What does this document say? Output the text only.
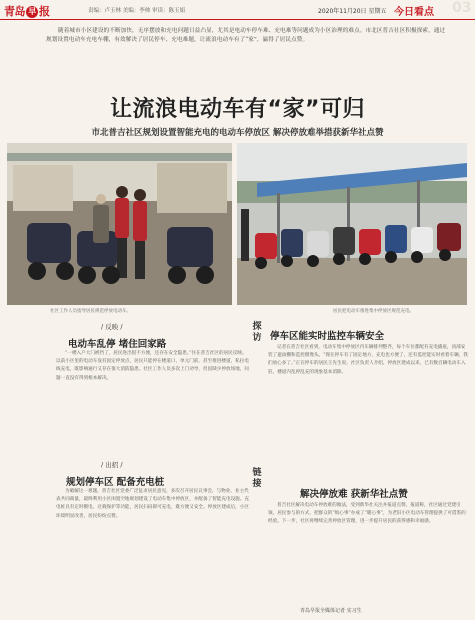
青岛 早 报	责编：卢玉林 美编：李帅 审读：陈玉娟	2020年11月20日 星期五 今日看点 03
随着城市小区建设的不断加快，无序摆放和充电问题日益凸显，尤其是电动车停车难、充电难等问题成为小区治理的难点。市北区普吉社区积极探索，通过规划设置电动车充电车棚，有效解决了居民停车、充电难题，让流浪电动车有了“家”，赢得了居民点赞。
让流浪电动车有“家”可归
市北普吉社区规划设置智能充电的电动车停放区 解决停放难举措获新华社点赞
社区工作人员指导居民规范停放电动车。	居民把电动车推进集中停放区规范充电。
/ 反映 /
电动车乱停 堵住回家路
“一楼入户大门被挡了，居民进出很不方便，还存在安全隐患。”住在普吉社区的居民反映。以前小区里的电动车没有固定停放点，居民只能停在楼道口、单元门前，甚至推进楼道，私拉电线充电，既影响通行又存在很大消防隐患。社区工作人员多次上门劝导，但因缺少停放场地，问题一直没有得到根本解决。
/ 出招 /
规划停车区 配备充电桩
为破解这一难题，普吉社区党委广泛征求居民意见，多次召开居民议事会，与物业、业主代表共同商量，最终利用小区闲置空地规划建设了电动车集中停放区，并配备了智能充电设施。充电桩具有定时断电、过载保护等功能，居民扫码即可充电，既方便又安全。停放区建成后，小区环境明显改善，居民纷纷点赞。
探访 停车区能实时监控车辆安全
记者在普吉社区看到，电动车集中停放区内车辆排列整齐，每个车位都配有充电插座，顶部安装了遮雨棚和监控摄像头。“现在停车有了固定地方，充电也方便了，还有监控能实时看着车辆，我们放心多了。”正在停车的居民王先生说。社区负责人介绍，停放区建成以来，已有数百辆电动车入驻，楼道内乱停乱充的现象基本消除。
链接
解决停放难 获新华社点赞
普吉社区解决电动车停放难的做法，受到新华社关注并报道点赞。报道称，社区通过党建引领、居民参与的方式，把群众的“烦心事”办成了“暖心事”，为老旧小区电动车管理提供了可借鉴的经验。下一步，社区将继续完善停放区管理，进一步提升居民的获得感和幸福感。
青岛早报全媒体记者 实习生
